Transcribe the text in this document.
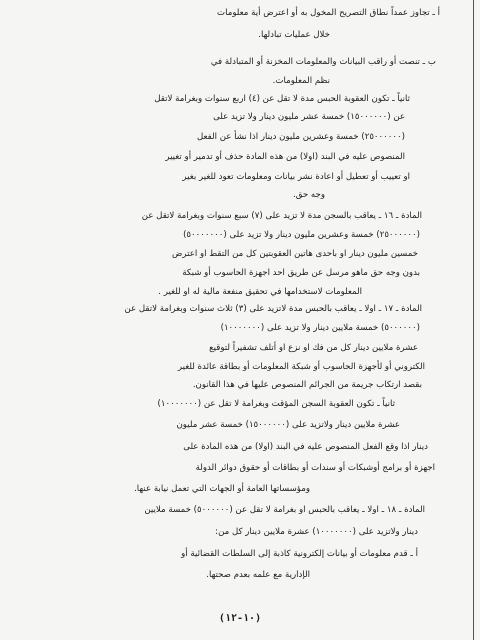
أ ـ تجاوز عمداً نطاق التصريح المخول به أو اعترض أية معلومات
خلال عمليات تبادلها.
ب ـ تنصت أو راقب البيانات والمعلومات المخزنة أو المتبادلة في
نظم المعلومات.
ثانياً ـ تكون العقوبة الحبس مدة لا تقل عن (٤) اربع سنوات وبغرامة لاتقل
عن (١٥٠٠٠٠٠٠) خمسة عشر مليون دينار ولا تزيد على
(٢٥٠٠٠٠٠٠) خمسة وعشرين مليون دينار اذا نشأ عن الفعل
المنصوص عليه في البند (اولا) من هذه المادة حذف أو تدمير أو تغيير
او تعييب أو تعطيل أو اعادة نشر بيانات ومعلومات تعود للغير بغير
وجه حق.
المادة ـ ١٦ ـ يعاقب بالسجن مدة لا تزيد على (٧) سبع سنوات وبغرامة لاتقل عن
(٢٥٠٠٠٠٠٠) خمسة وعشرين مليون دينار ولا تزيد على (٥٠٠٠٠٠٠٠)
خمسين مليون دينار او باحدى هاتين العقوبتين كل من التقط او اعترض
بدون وجه حق ماهو مرسل عن طريق احد اجهزة الحاسوب أو شبكة
المعلومات لاستخدامها في تحقيق منفعة مالية له او للغير .
المادة ـ ١٧ ـ اولا ـ يعاقب بالحبس مدة لاتزيد على (٣) ثلاث سنوات وبغرامة لاتقل عن
(٥٠٠٠٠٠٠) خمسة ملايين دينار ولا تزيد على (١٠٠٠٠٠٠٠)
عشرة ملايين دينار كل من فك او نزع او أتلف تشفيراً لتوقيع
الكتروني أو لأجهزة الحاسوب أو شبكة المعلومات أو بطاقة عائدة للغير
بقصد ارتكاب جريمة من الجرائم المنصوص عليها في هذا القانون.
ثانياً ـ تكون العقوبة السجن المؤقت وبغرامة لا تقل عن (١٠٠٠٠٠٠٠)
عشرة ملايين دينار ولاتزيد على (١٥٠٠٠٠٠٠) خمسة عشر مليون
دينار اذا وقع الفعل المنصوص عليه في البند (اولا) من هذه المادة على
اجهزة أو برامج أوشبكات أو سندات أو بطاقات أو حقوق دوائر الدولة
ومؤسساتها العامة أو الجهات التي تعمل نيابة عنها.
المادة ـ ١٨ ـ اولا ـ يعاقب بالحبس او بغرامة لا تقل عن (٥٠٠٠٠٠٠) خمسة ملايين
دينار ولاتزيد على (١٠٠٠٠٠٠٠) عشرة ملايين دينار كل من:
أ ـ قدم معلومات أو بيانات إلكترونية كاذبة إلى السلطات القضائية أو
الإدارية مع علمه بعدم صحتها.
(١٠-١٢)
